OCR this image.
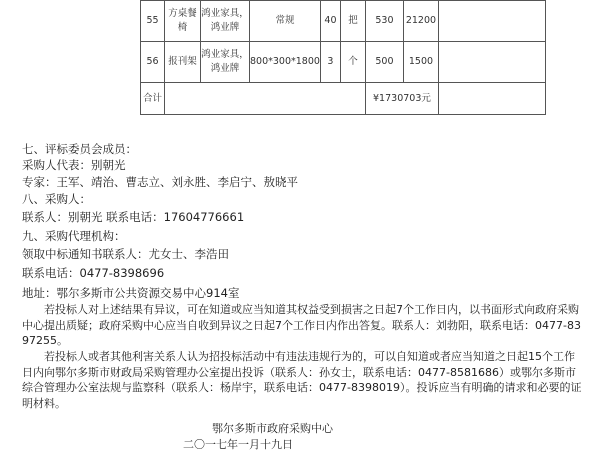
55	方桌餐椅	鸿业家具，鸿业牌	常规	40	把	530	21200	
56	报刊架	鸿业家具，鸿业牌	800*300*1800	3	个	500	1500	
合计						¥1730703元		
七、评标委员会成员：
采购人代表：别朝光
专家：王军、靖治、曹志立、刘永胜、李启宁、敖晓平
八、采购人：
联系人：别朝光 联系电话：17604776661
九、采购代理机构：
领取中标通知书联系人：尤女士、李浩田
联系电话：0477-8398696
地址：鄂尔多斯市公共资源交易中心914室
若投标人对上述结果有异议，可在知道或应当知道其权益受到损害之日起7个工作日内，以书面形式向政府采购中心提出质疑；政府采购中心应当自收到异议之日起7个工作日内作出答复。联系人：刘勃阳，联系电话：0477-8397255。
若投标人或者其他利害关系人认为招投标活动中有违法违规行为的，可以自知道或者应当知道之日起15个工作日内向鄂尔多斯市财政局采购管理办公室提出投诉（联系人：孙女士，联系电话：0477-8581686）或鄂尔多斯市综合管理办公室法规与监察科（联系人：杨岸宇，联系电话：0477-8398019）。投诉应当有明确的请求和必要的证明材料。
鄂尔多斯市政府采购中心
二〇一七年一月十九日
